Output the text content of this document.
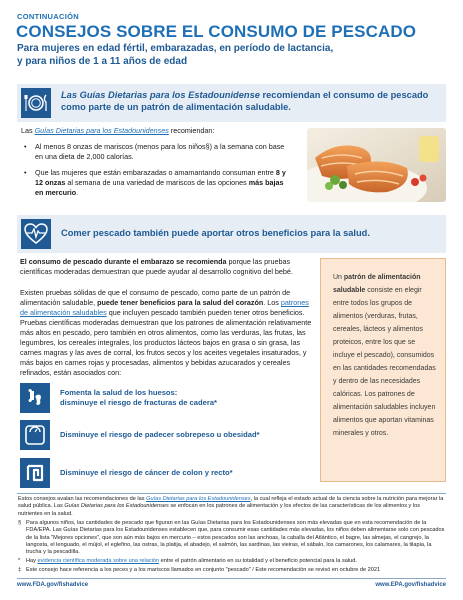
CONTINUACIÓN
CONSEJOS SOBRE EL CONSUMO DE PESCADO
Para mujeres en edad fértil, embarazadas, en período de lactancia,
y para niños de 1 a 11 años de edad
Las Guías Dietarias para los Estadounidense recomiendan el consumo de pescado como parte de un patrón de alimentación saludable.
Las Guías Dietarias para los Estadounidenses recomiendan:
• Al menos 8 onzas de mariscos (menos para los niños§) a la semana con base en una dieta de 2,000 calorías.
• Que las mujeres que están embarazadas o amamantando consuman entre 8 y 12 onzas al semana de una variedad de mariscos de las opciones más bajas en mercurio.
Comer pescado también puede aportar otros beneficios para la salud.
El consumo de pescado durante el embarazo se recomienda porque las pruebas científicas moderadas demuestran que puede ayudar al desarrollo cognitivo del bebé.
Existen pruebas sólidas de que el consumo de pescado, como parte de un patrón de alimentación saludable, puede tener beneficios para la salud del corazón. Los patrones de alimentación saludables que incluyen pescado también pueden tener otros beneficios. Pruebas científicas moderadas demuestran que los patrones de alimentación relativamente más altos en pescado, pero también en otros alimentos, como las verduras, las frutas, las legumbres, los cereales integrales, los productos lácteos bajos en grasa o sin grasa, las carnes magras y las aves de corral, los frutos secos y los aceites vegetales insaturados, y más bajos en carnes rojas y procesadas, alimentos y bebidas azucarados y cereales refinados, están asociados con:
Un patrón de alimentación saludable consiste en elegir entre todos los grupos de alimentos (verduras, frutas, cereales, lácteos y alimentos proteicos, entre los que se incluye el pescado), consumidos en las cantidades recomendadas y dentro de las necesidades calóricas. Los patrones de alimentación saludables incluyen alimentos que aportan vitaminas minerales y otros.
Fomenta la salud de los huesos:
disminuye el riesgo de fracturas de cadera*
Disminuye el riesgo de padecer sobrepeso u obesidad*
Disminuye el riesgo de cáncer de colon y recto*

Estos consejos avalan las recomendaciones de las Guías Dietarias para los Estadounidenses, la cual refleja el estado actual de la ciencia sobre la nutrición para mejorar la salud pública. Las Guías Dietarias para los Estadounidenses se enfocan en los patrones de alimentación y los efectos de las características de los alimentos y los nutrientes en la salud.

§ Para algunos niños, las cantidades de pescado que figuran en las Guías Dietarias para los Estadounidenses son más elevadas que en esta recomendación de la FDA/EPA. Las Guías Dietarias para los Estadounidenses establecen que, para consumir esas cantidades más elevadas, los niños deben alimentarse solo con pescados de la lista "Mejores opciones", que son aún más bajos en mercurio – estos pescados son las anchoas, la caballa del Atlántico, el bagre, las almejas, el cangrejo, la langosta, el lenguado, el mújol, el eglefino, las ostras, la platija, el abadejo, el salmón, las sardinas, las vieiras, el sábalo, los camarones, los calamares, la tilapia, la trucha y la pescadilla.

* Hay evidencia científica moderada sobre una relación entre el patrón alimentario en su totalidad y el beneficio potencial para la salud.

‡ Este consejo hace referencia a los peces y a los mariscos llamados en conjunto "pescado" / Este recomendación se revisó en octubre de 2021

www.FDA.gov/fishadvice	www.EPA.gov/fishadvice
